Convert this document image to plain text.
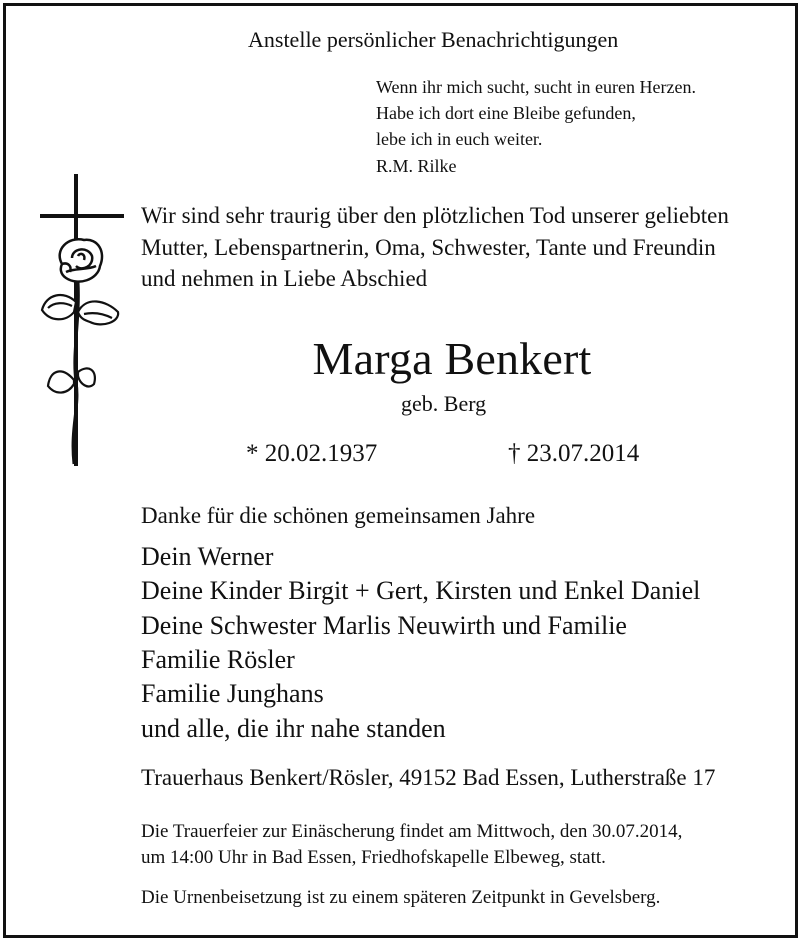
Anstelle persönlicher Benachrichtigungen
Wenn ihr mich sucht, sucht in euren Herzen.
Habe ich dort eine Bleibe gefunden,
lebe ich in euch weiter.
R.M. Rilke
Wir sind sehr traurig über den plötzlichen Tod unserer geliebten
Mutter, Lebenspartnerin, Oma, Schwester, Tante und Freundin
und nehmen in Liebe Abschied
Marga Benkert
geb. Berg
* 20.02.1937	† 23.07.2014
Danke für die schönen gemeinsamen Jahre
Dein Werner
Deine Kinder Birgit + Gert, Kirsten und Enkel Daniel
Deine Schwester Marlis Neuwirth und Familie
Familie Rösler
Familie Junghans
und alle, die ihr nahe standen
Trauerhaus Benkert/Rösler, 49152 Bad Essen, Lutherstraße 17
Die Trauerfeier zur Einäscherung findet am Mittwoch, den 30.07.2014,
um 14:00 Uhr in Bad Essen, Friedhofskapelle Elbeweg, statt.
Die Urnenbeisetzung ist zu einem späteren Zeitpunkt in Gevelsberg.
